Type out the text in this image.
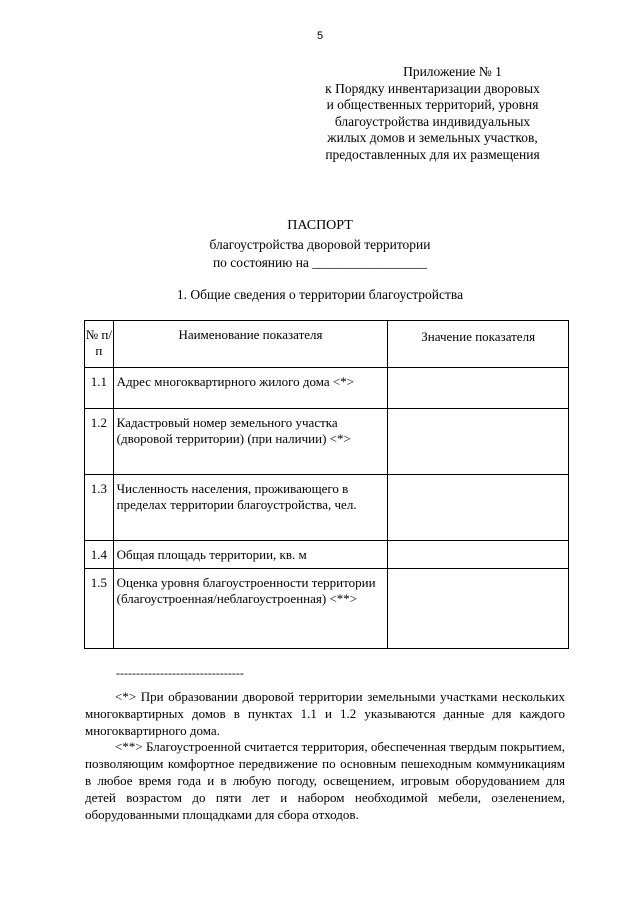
5
Приложение № 1
к Порядку инвентаризации дворовых
и общественных территорий, уровня
благоустройства индивидуальных
жилых домов и земельных участков,
предоставленных для их размещения
ПАСПОРТ
благоустройства дворовой территории
по состоянию на _________________
1. Общие сведения о территории благоустройства
№ п/п	Наименование показателя	Значение показателя
1.1	Адрес многоквартирного жилого дома <*>	
1.2	Кадастровый номер земельного участка (дворовой территории) (при наличии) <*>	
1.3	Численность населения, проживающего в пределах территории благоустройства, чел.	
1.4	Общая площадь территории, кв. м	
1.5	Оценка уровня благоустроенности территории (благоустроенная/неблагоустроенная) <**>	
--------------------------------

<*> При образовании дворовой территории земельными участками нескольких многоквартирных домов в пунктах 1.1 и 1.2 указываются данные для каждого многоквартирного дома.

<**> Благоустроенной считается территория, обеспеченная твердым покрытием, позволяющим комфортное передвижение по основным пешеходным коммуникациям в любое время года и в любую погоду, освещением, игровым оборудованием для детей возрастом до пяти лет и набором необходимой мебели, озеленением, оборудованными площадками для сбора отходов.
